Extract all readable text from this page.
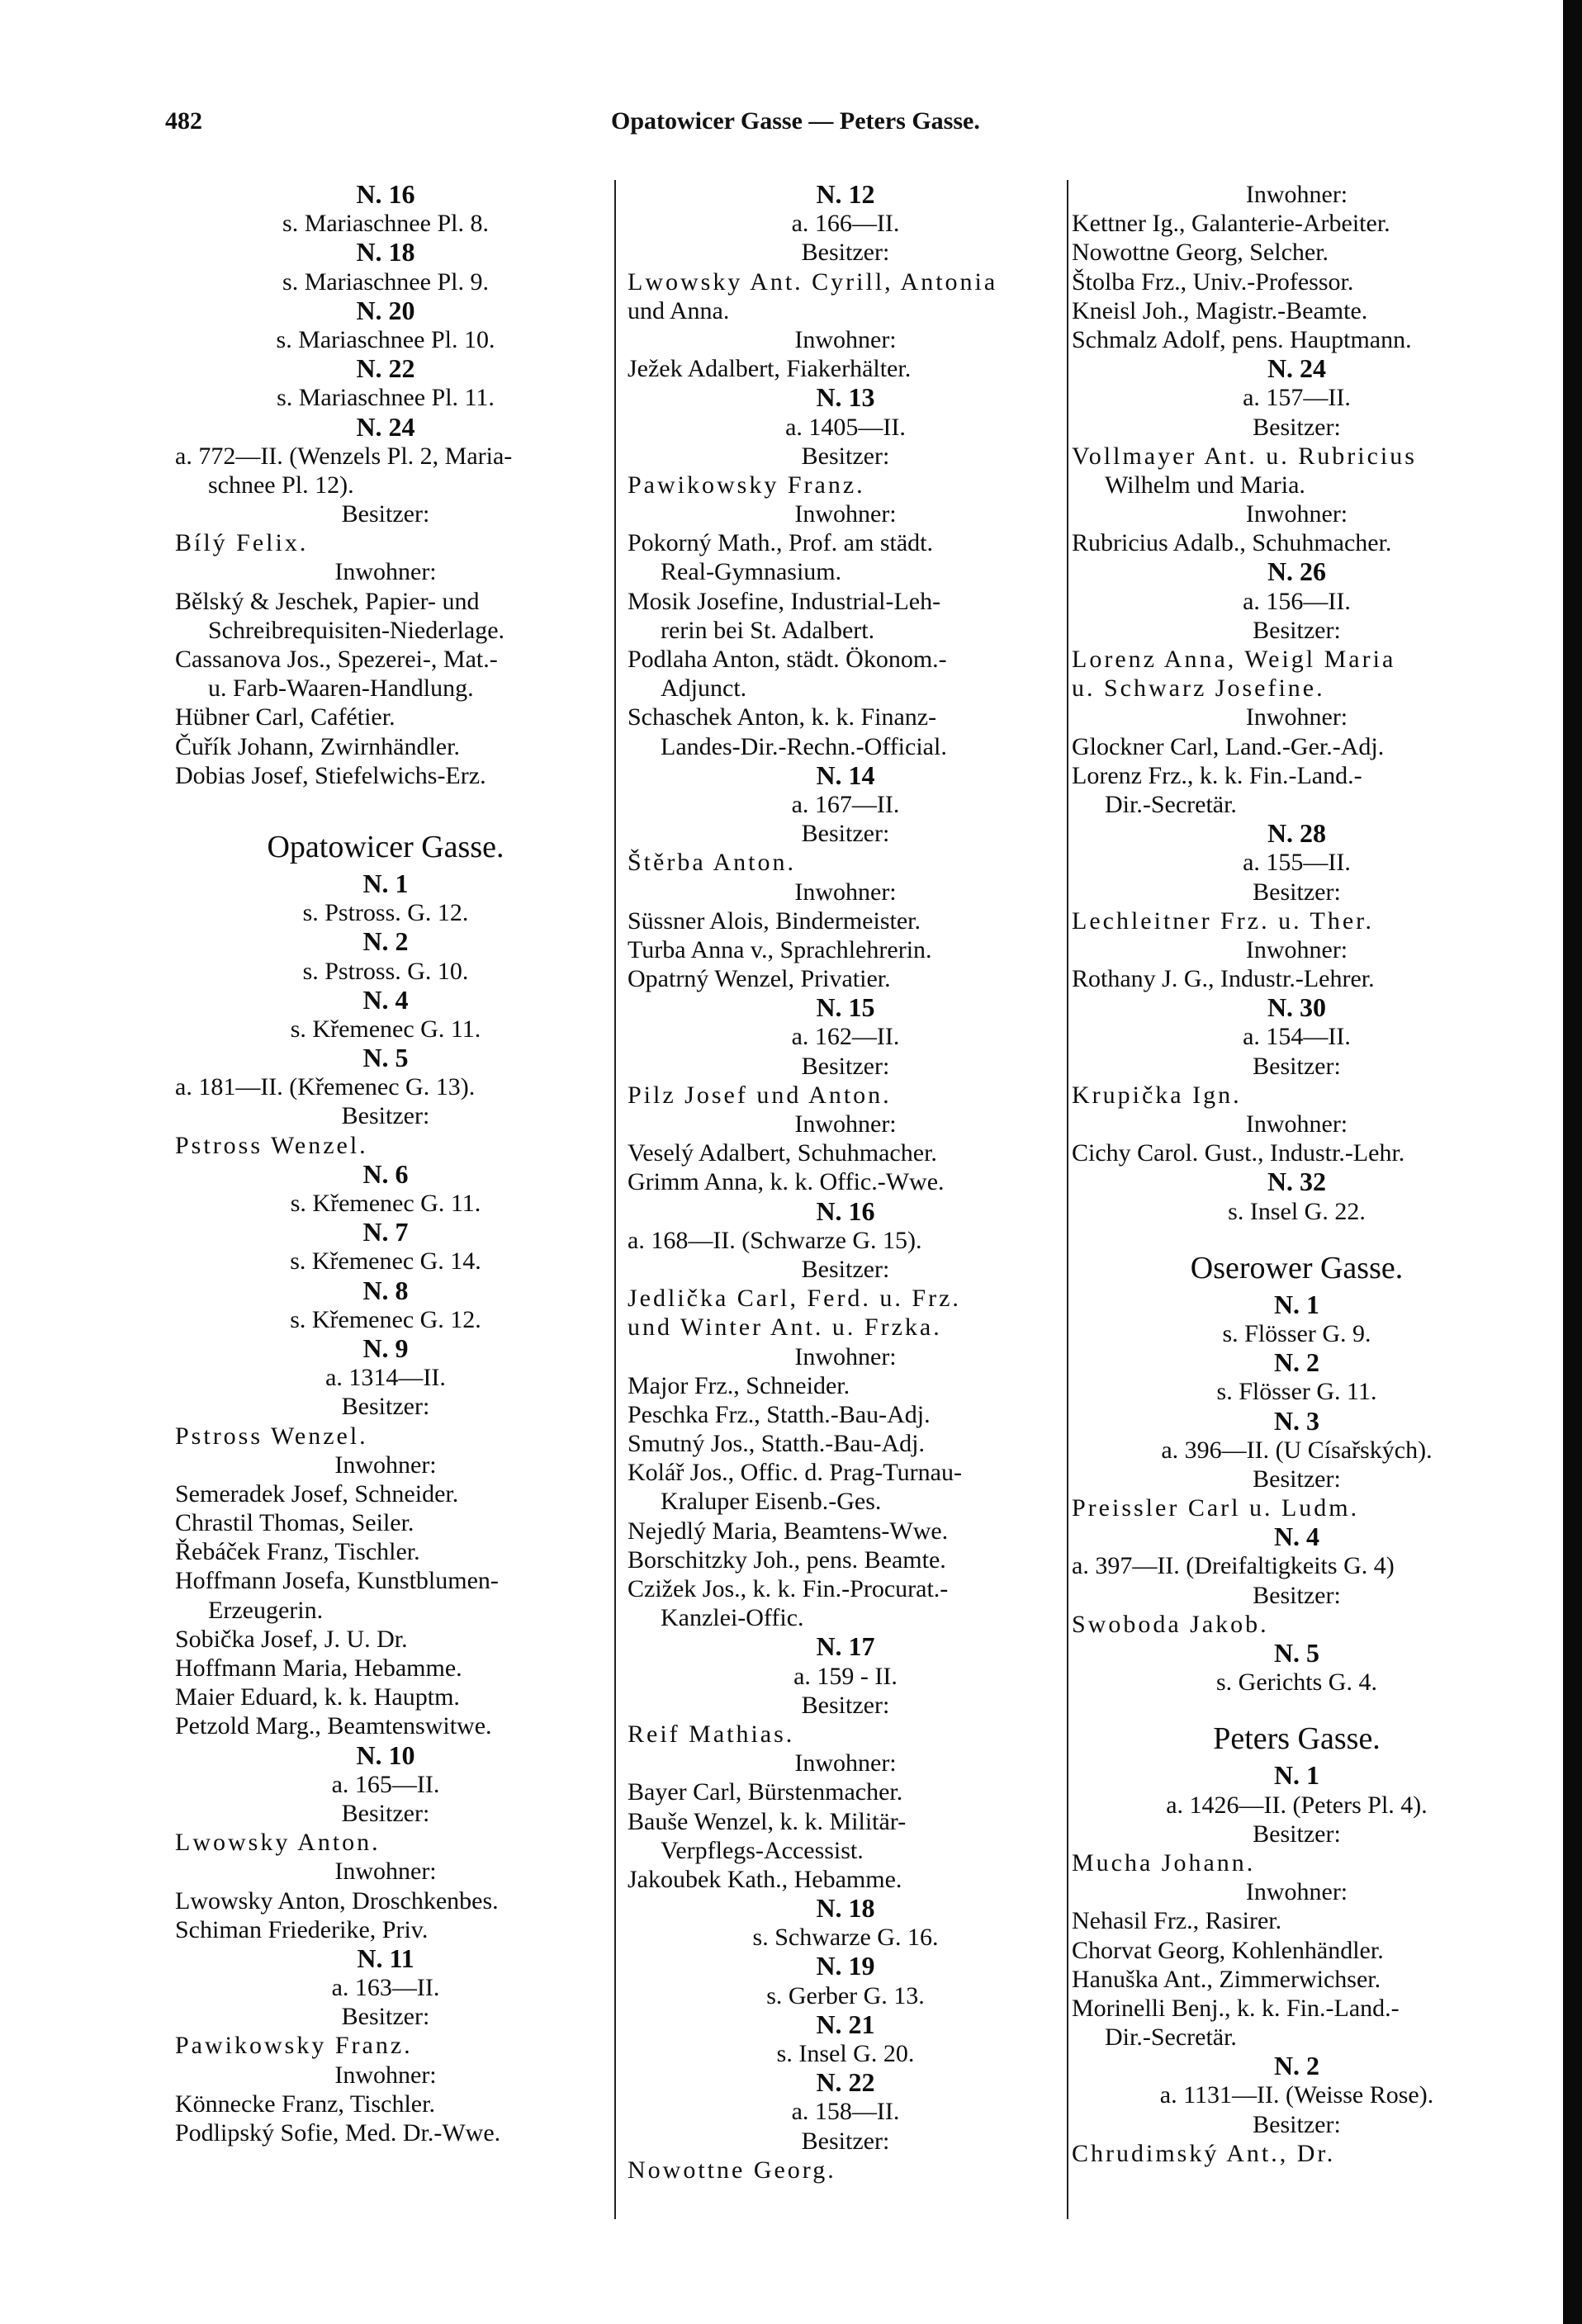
482	Opatowicer Gasse — Peters Gasse.
N. 16
s. Mariaschnee Pl. 8.
N. 18
s. Mariaschnee Pl. 9.
N. 20
s. Mariaschnee Pl. 10.
N. 22
s. Mariaschnee Pl. 11.
N. 24
a. 772—II. (Wenzels Pl. 2, Maria-
schnee Pl. 12).
Besitzer:
Bílý Felix.
Inwohner:
Bělský & Jeschek, Papier- und
Schreibrequisiten-Niederlage.
Cassanova Jos., Spezerei-, Mat.-
u. Farb-Waaren-Handlung.
Hübner Carl, Cafétier.
Čuřík Johann, Zwirnhändler.
Dobias Josef, Stiefelwichs-Erz.
Opatowicer Gasse.
N. 1
s. Pstross. G. 12.
N. 2
s. Pstross. G. 10.
N. 4
s. Křemenec G. 11.
N. 5
a. 181—II. (Křemenec G. 13).
Besitzer:
Pstross Wenzel.
N. 6
s. Křemenec G. 11.
N. 7
s. Křemenec G. 14.
N. 8
s. Křemenec G. 12.
N. 9
a. 1314—II.
Besitzer:
Pstross Wenzel.
Inwohner:
Semeradek Josef, Schneider.
Chrastil Thomas, Seiler.
Řebáček Franz, Tischler.
Hoffmann Josefa, Kunstblumen-
Erzeugerin.
Sobička Josef, J. U. Dr.
Hoffmann Maria, Hebamme.
Maier Eduard, k. k. Hauptm.
Petzold Marg., Beamtenswitwe.
N. 10
a. 165—II.
Besitzer:
Lwowsky Anton.
Inwohner:
Lwowsky Anton, Droschkenbes.
Schiman Friederike, Priv.
N. 11
a. 163—II.
Besitzer:
Pawikowsky Franz.
Inwohner:
Könnecke Franz, Tischler.
Podlipský Sofie, Med. Dr.-Wwe.
N. 12
a. 166—II.
Besitzer:
Lwowsky Ant. Cyrill, Antonia
und Anna.
Inwohner:
Ježek Adalbert, Fiakerhälter.
N. 13
a. 1405—II.
Besitzer:
Pawikowsky Franz.
Inwohner:
Pokorný Math., Prof. am städt.
Real-Gymnasium.
Mosik Josefine, Industrial-Leh-
rerin bei St. Adalbert.
Podlaha Anton, städt. Ökonom.-
Adjunct.
Schaschek Anton, k. k. Finanz-
Landes-Dir.-Rechn.-Official.
N. 14
a. 167—II.
Besitzer:
Štěrba Anton.
Inwohner:
Süssner Alois, Bindermeister.
Turba Anna v., Sprachlehrerin.
Opatrný Wenzel, Privatier.
N. 15
a. 162—II.
Besitzer:
Pilz Josef und Anton.
Inwohner:
Veselý Adalbert, Schuhmacher.
Grimm Anna, k. k. Offic.-Wwe.
N. 16
a. 168—II. (Schwarze G. 15).
Besitzer:
Jedlička Carl, Ferd. u. Frz.
und Winter Ant. u. Frzka.
Inwohner:
Major Frz., Schneider.
Peschka Frz., Statth.-Bau-Adj.
Smutný Jos., Statth.-Bau-Adj.
Kolář Jos., Offic. d. Prag-Turnau-
Kraluper Eisenb.-Ges.
Nejedlý Maria, Beamtens-Wwe.
Borschitzky Joh., pens. Beamte.
Czižek Jos., k. k. Fin.-Procurat.-
Kanzlei-Offic.
N. 17
a. 159 - II.
Besitzer:
Reif Mathias.
Inwohner:
Bayer Carl, Bürstenmacher.
Bauše Wenzel, k. k. Militär-
Verpflegs-Accessist.
Jakoubek Kath., Hebamme.
N. 18
s. Schwarze G. 16.
N. 19
s. Gerber G. 13.
N. 21
s. Insel G. 20.
N. 22
a. 158—II.
Besitzer:
Nowottne Georg.
Inwohner:
Kettner Ig., Galanterie-Arbeiter.
Nowottne Georg, Selcher.
Štolba Frz., Univ.-Professor.
Kneisl Joh., Magistr.-Beamte.
Schmalz Adolf, pens. Hauptmann.
N. 24
a. 157—II.
Besitzer:
Vollmayer Ant. u. Rubricius
Wilhelm und Maria.
Inwohner:
Rubricius Adalb., Schuhmacher.
N. 26
a. 156—II.
Besitzer:
Lorenz Anna, Weigl Maria
u. Schwarz Josefine.
Inwohner:
Glockner Carl, Land.-Ger.-Adj.
Lorenz Frz., k. k. Fin.-Land.-
Dir.-Secretär.
N. 28
a. 155—II.
Besitzer:
Lechleitner Frz. u. Ther.
Inwohner:
Rothany J. G., Industr.-Lehrer.
N. 30
a. 154—II.
Besitzer:
Krupička Ign.
Inwohner:
Cichy Carol. Gust., Industr.-Lehr.
N. 32
s. Insel G. 22.
Oserower Gasse.
N. 1
s. Flösser G. 9.
N. 2
s. Flösser G. 11.
N. 3
a. 396—II. (U Císařských).
Besitzer:
Preissler Carl u. Ludm.
N. 4
a. 397—II. (Dreifaltigkeits G. 4)
Besitzer:
Swoboda Jakob.
N. 5
s. Gerichts G. 4.
Peters Gasse.
N. 1
a. 1426—II. (Peters Pl. 4).
Besitzer:
Mucha Johann.
Inwohner:
Nehasil Frz., Rasirer.
Chorvat Georg, Kohlenhändler.
Hanuška Ant., Zimmerwichser.
Morinelli Benj., k. k. Fin.-Land.-
Dir.-Secretär.
N. 2
a. 1131—II. (Weisse Rose).
Besitzer:
Chrudimský Ant., Dr.
